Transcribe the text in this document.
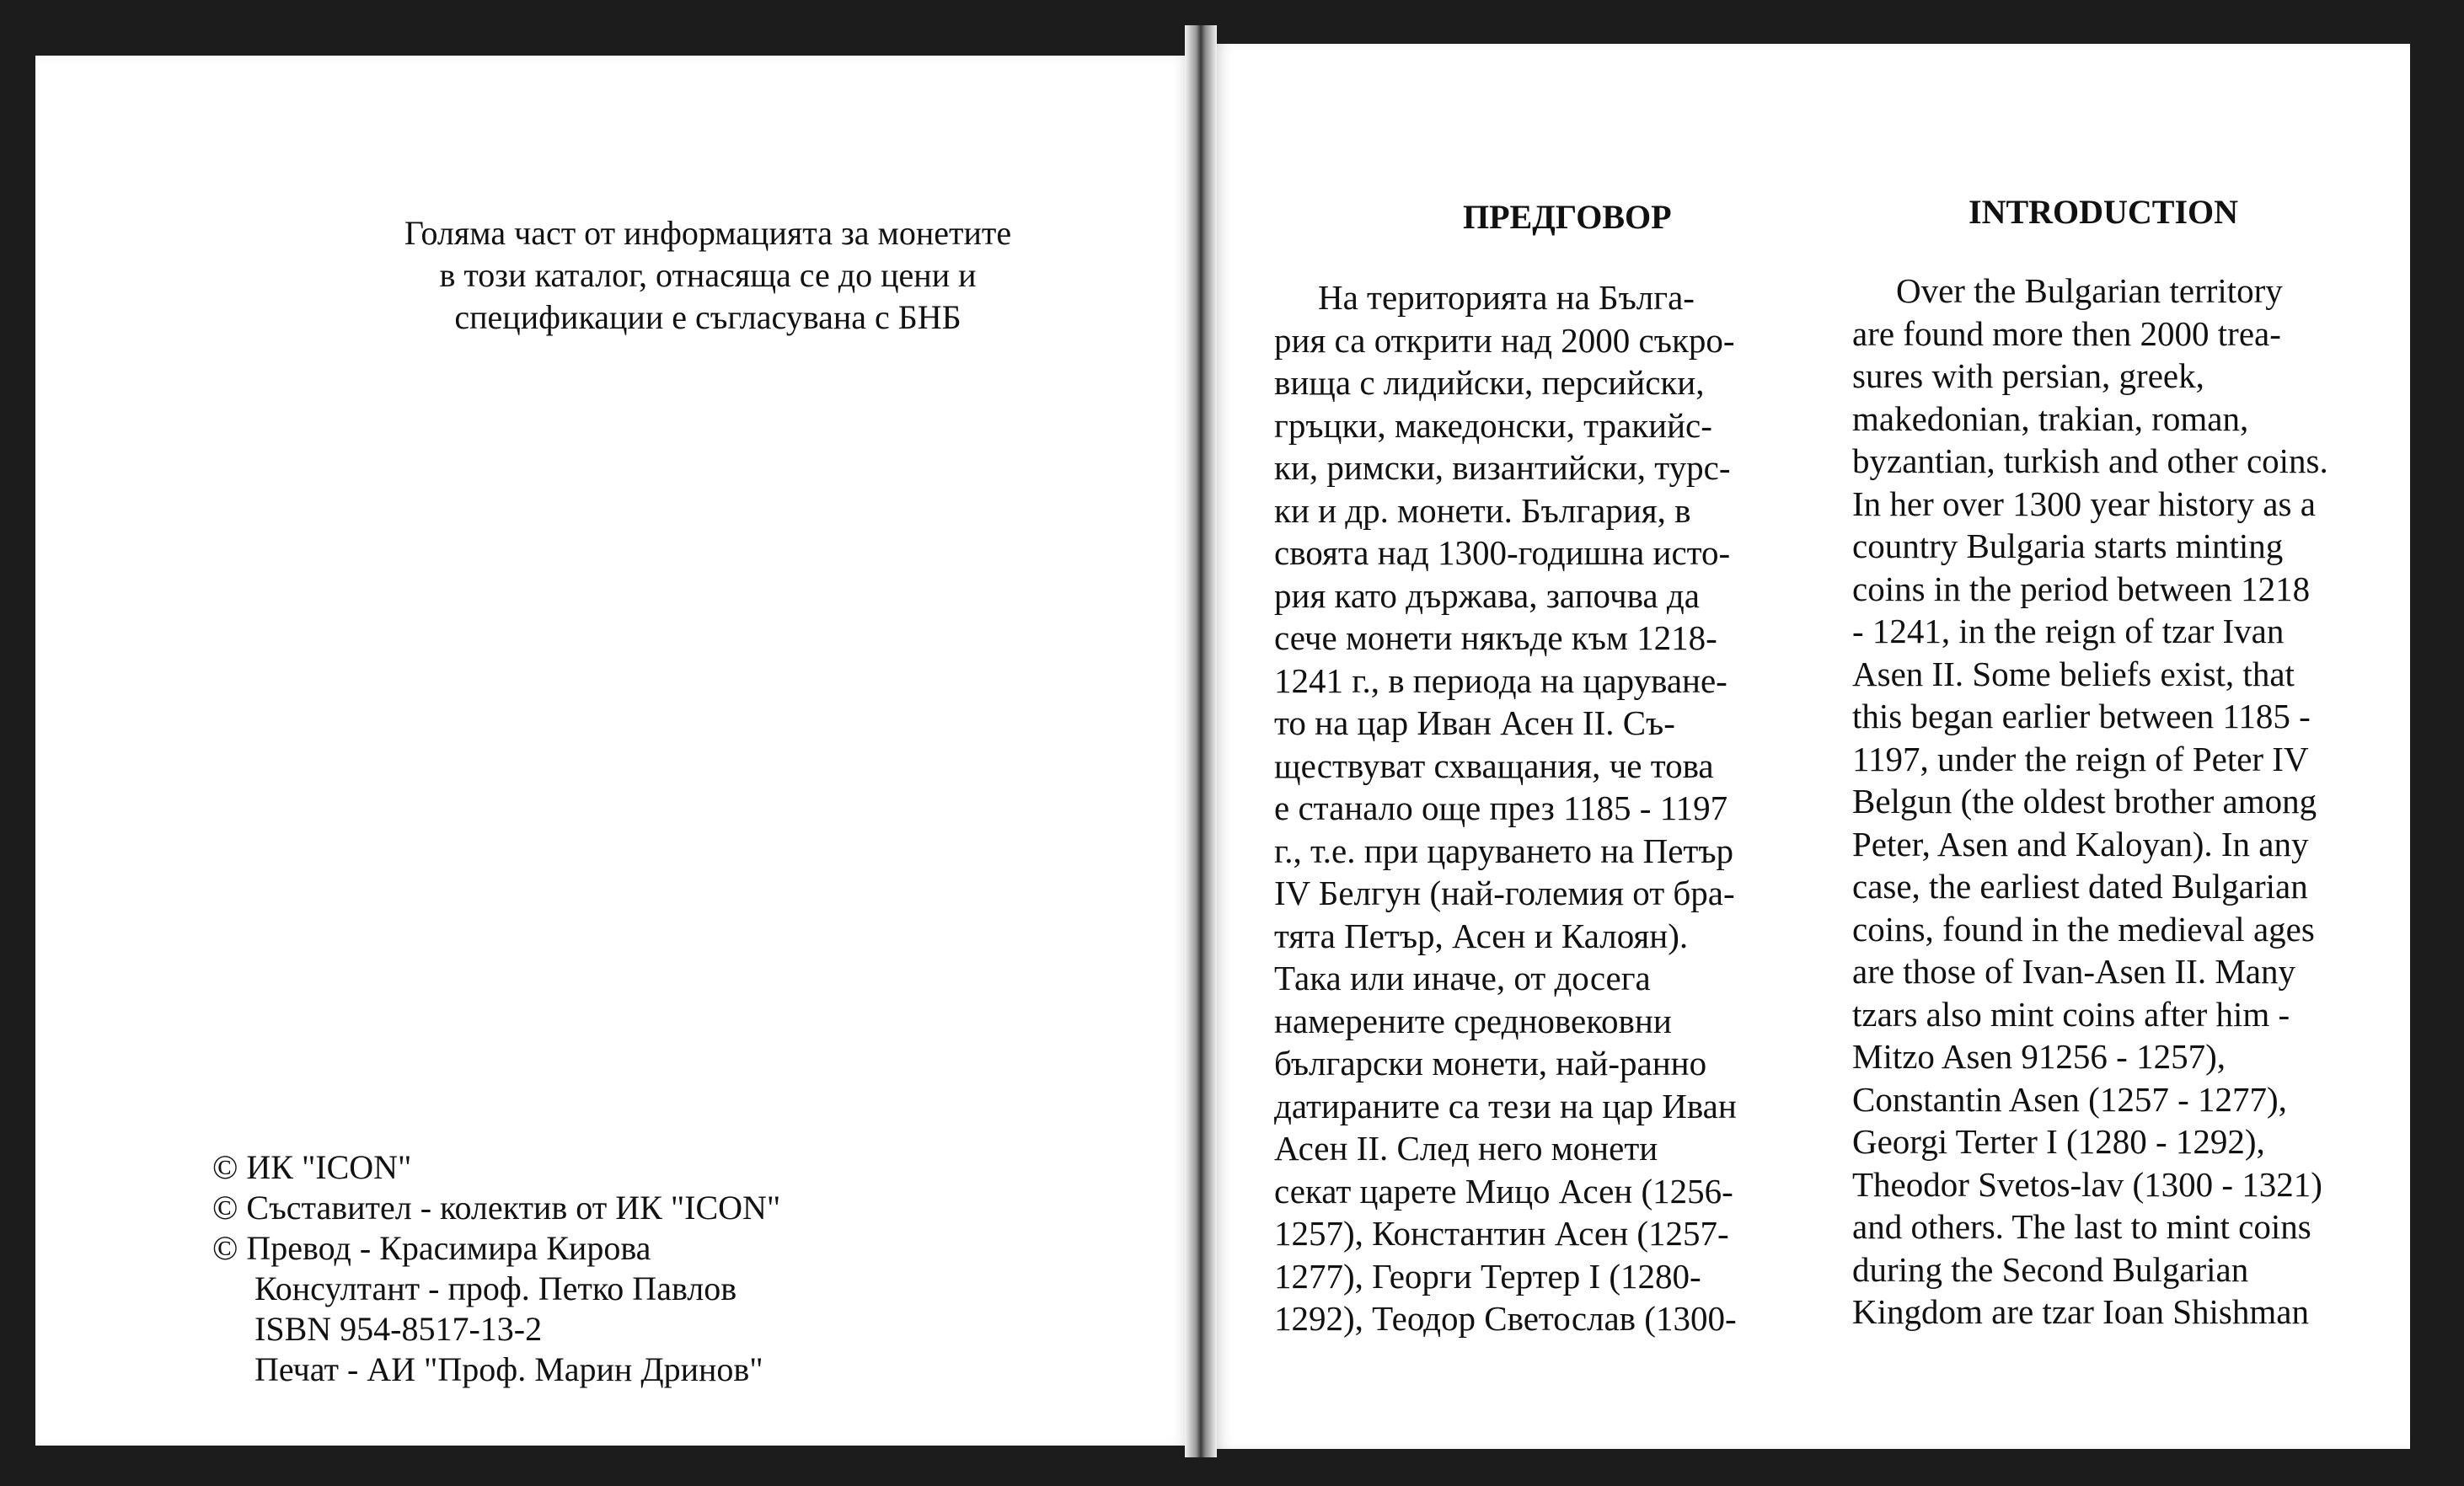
Голяма част от информацията за монетите
в този каталог, отнасяща се до цени и
спецификации е съгласувана с БНБ
© ИК "ICON"
© Съставител - колектив от ИК "ICON"
© Превод - Красимира Кирова
Консултант - проф. Петко Павлов
ISBN 954-8517-13-2
Печат - АИ "Проф. Марин Дринов"
ПРЕДГОВОР	INTRODUCTION
На територията на Бълга-
рия са открити над 2000 съкро-
вища с лидийски, персийски,
гръцки, македонски, тракийс-
ки, римски, византийски, турс-
ки и др. монети. България, в
своята над 1300-годишна исто-
рия като държава, започва да
сече монети някъде към 1218-
1241 г., в периода на царуване-
то на цар Иван Асен II. Съ-
ществуват схващания, че това
е станало още през 1185 - 1197
г., т.е. при царуването на Петър
IV Белгун (най-големия от бра-
тята Петър, Асен и Калоян).
Така или иначе, от досега
намерените средновековни
български монети, най-ранно
датираните са тези на цар Иван
Асен II. След него монети
секат царете Мицо Асен (1256-
1257), Константин Асен (1257-
1277), Георги Тертер I (1280-
1292), Теодор Светослав (1300-
Over the Bulgarian territory
are found more then 2000 trea-
sures with persian, greek,
makedonian, trakian, roman,
byzantian, turkish and other coins.
In her over 1300 year history as a
country Bulgaria starts minting
coins in the period between 1218
- 1241, in the reign of tzar Ivan
Asen II. Some beliefs exist, that
this began earlier between 1185 -
1197, under the reign of Peter IV
Belgun (the oldest brother among
Peter, Asen and Kaloyan). In any
case, the earliest dated Bulgarian
coins, found in the medieval ages
are those of Ivan-Asen II. Many
tzars also mint coins after him -
Mitzo Asen 91256 - 1257),
Constantin Asen (1257 - 1277),
Georgi Terter I (1280 - 1292),
Theodor Svetos-lav (1300 - 1321)
and others. The last to mint coins
during the Second Bulgarian
Kingdom are tzar Ioan Shishman
